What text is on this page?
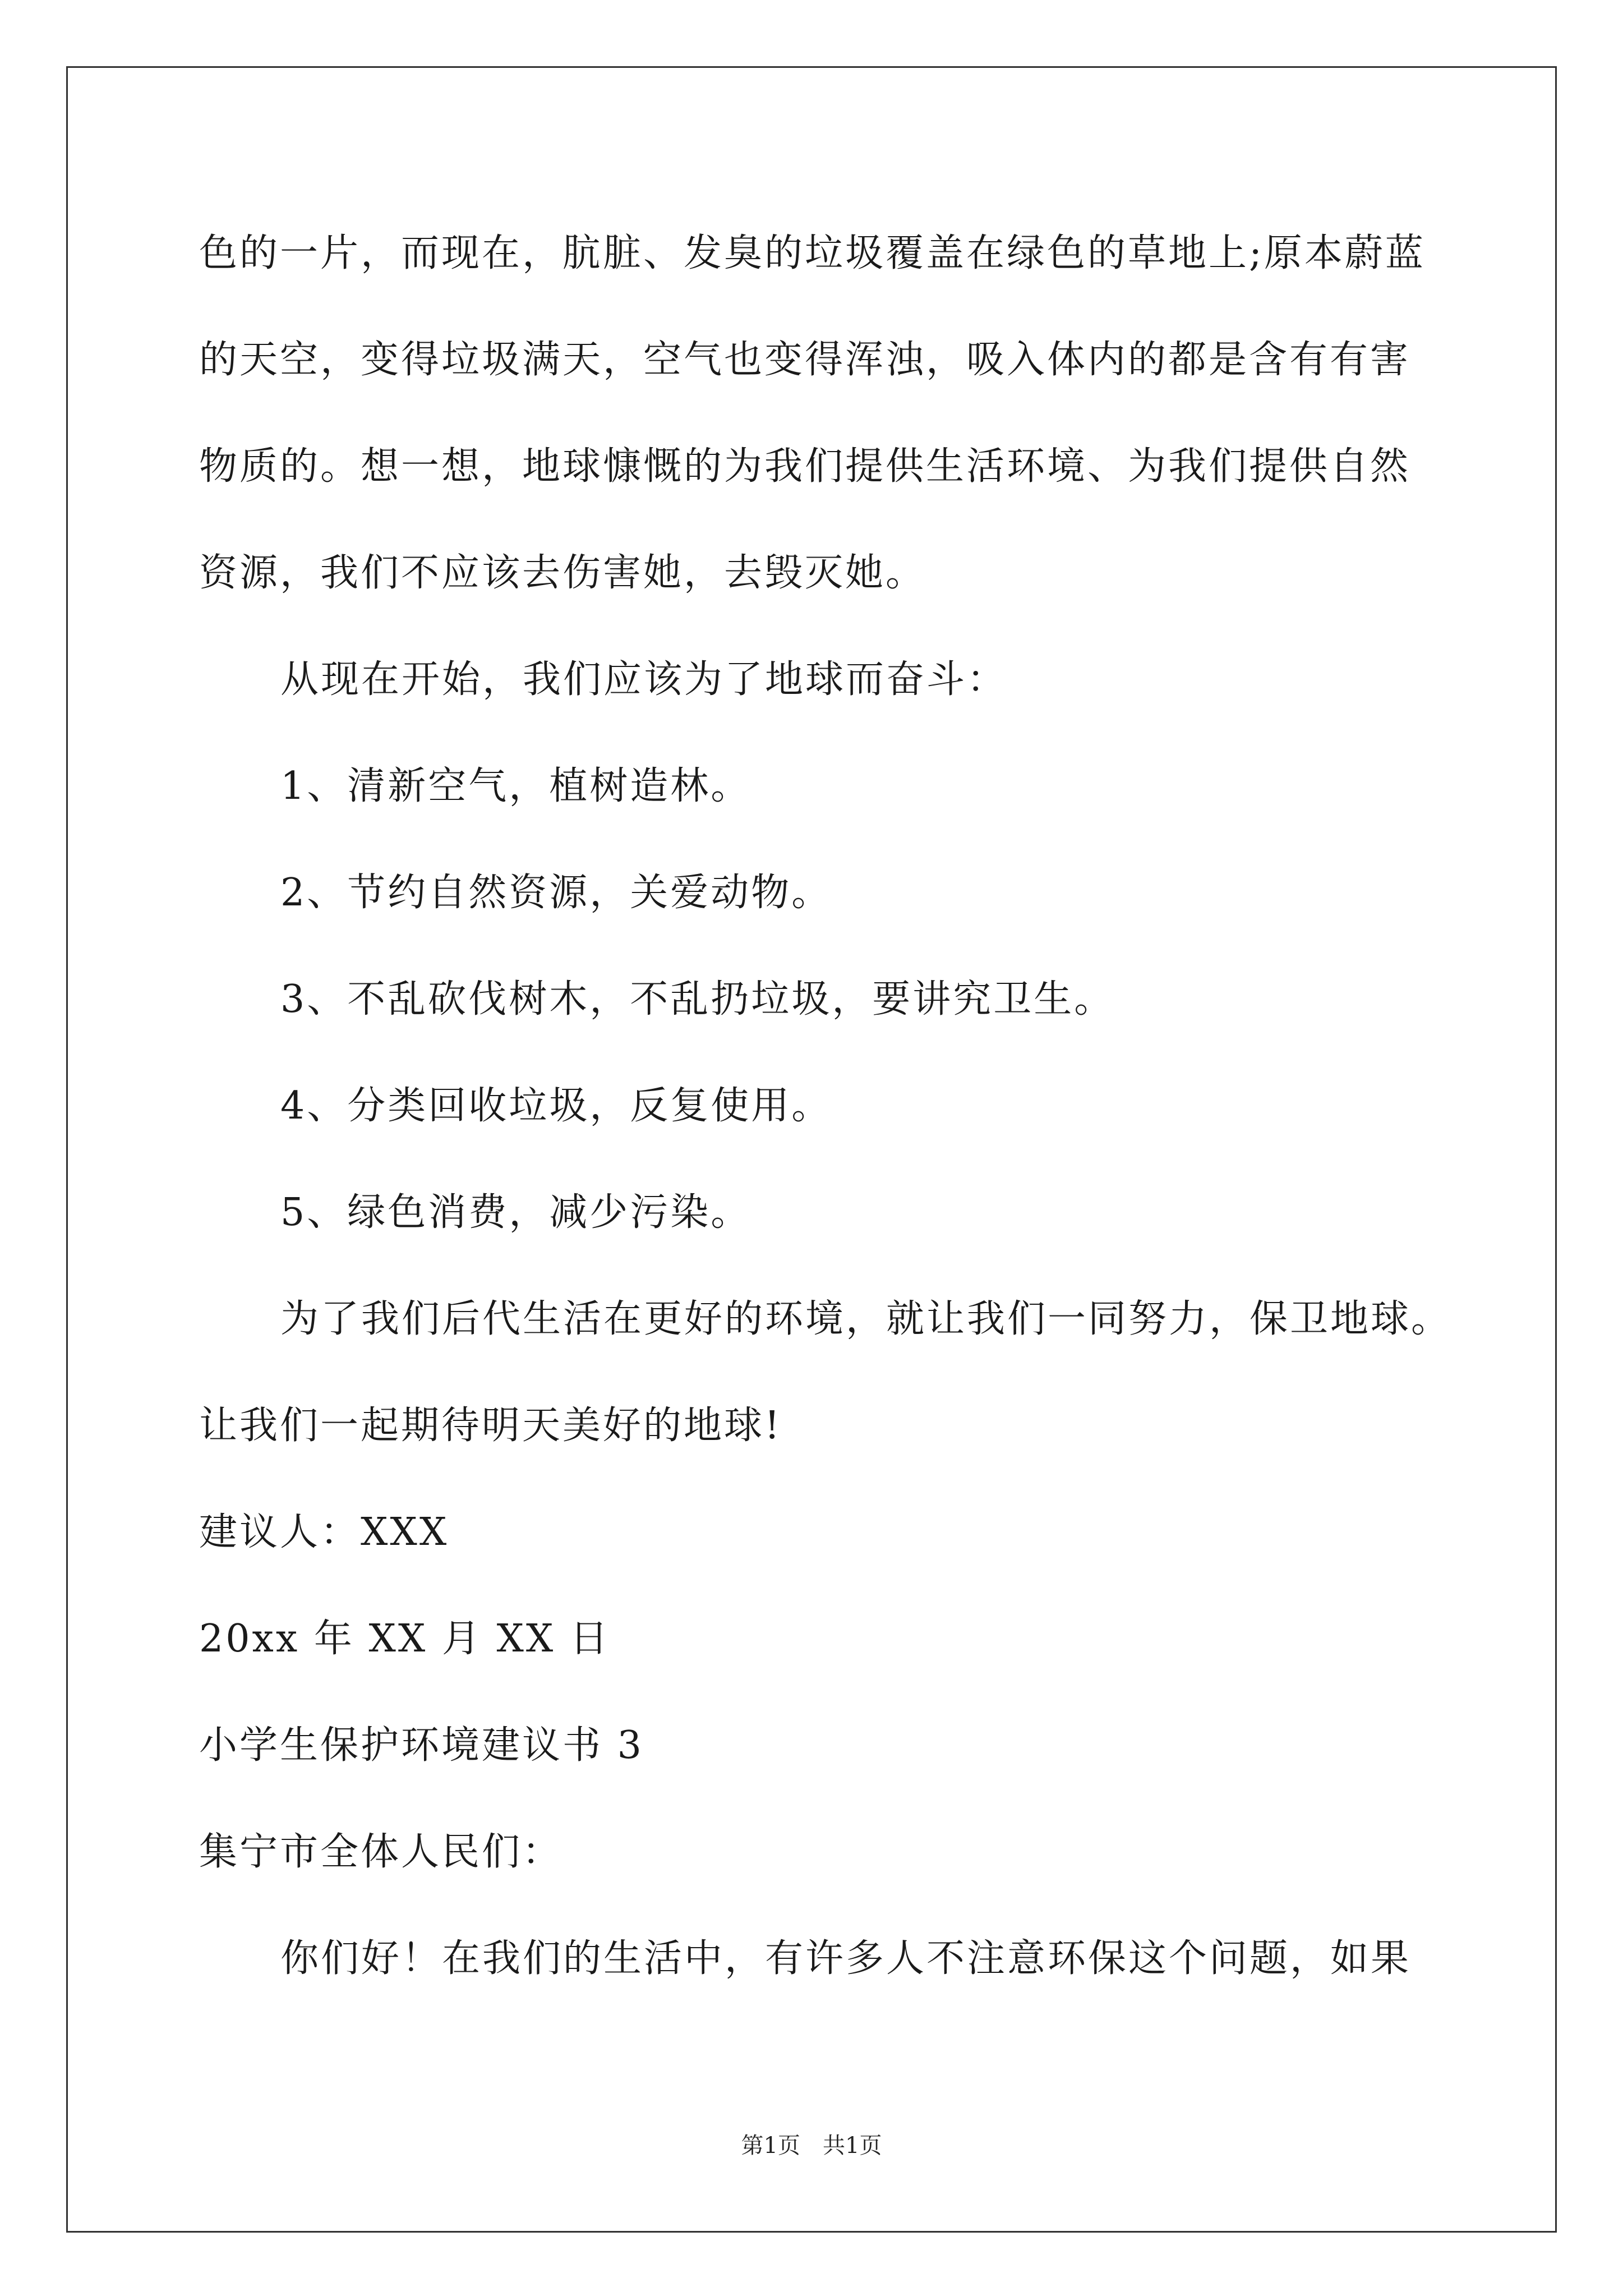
色的一片，而现在，肮脏、发臭的垃圾覆盖在绿色的草地上;原本蔚蓝
的天空，变得垃圾满天，空气也变得浑浊，吸入体内的都是含有有害
物质的。想一想，地球慷慨的为我们提供生活环境、为我们提供自然
资源，我们不应该去伤害她，去毁灭她。
从现在开始，我们应该为了地球而奋斗：
1、清新空气，植树造林。
2、节约自然资源，关爱动物。
3、不乱砍伐树木，不乱扔垃圾，要讲究卫生。
4、分类回收垃圾，反复使用。
5、绿色消费，减少污染。
为了我们后代生活在更好的环境，就让我们一同努力，保卫地球。
让我们一起期待明天美好的地球!
建议人：XXX
20xx 年 XX 月 XX 日
小学生保护环境建议书 3
集宁市全体人民们：
你们好！在我们的生活中，有许多人不注意环保这个问题，如果
第1页 共1页
